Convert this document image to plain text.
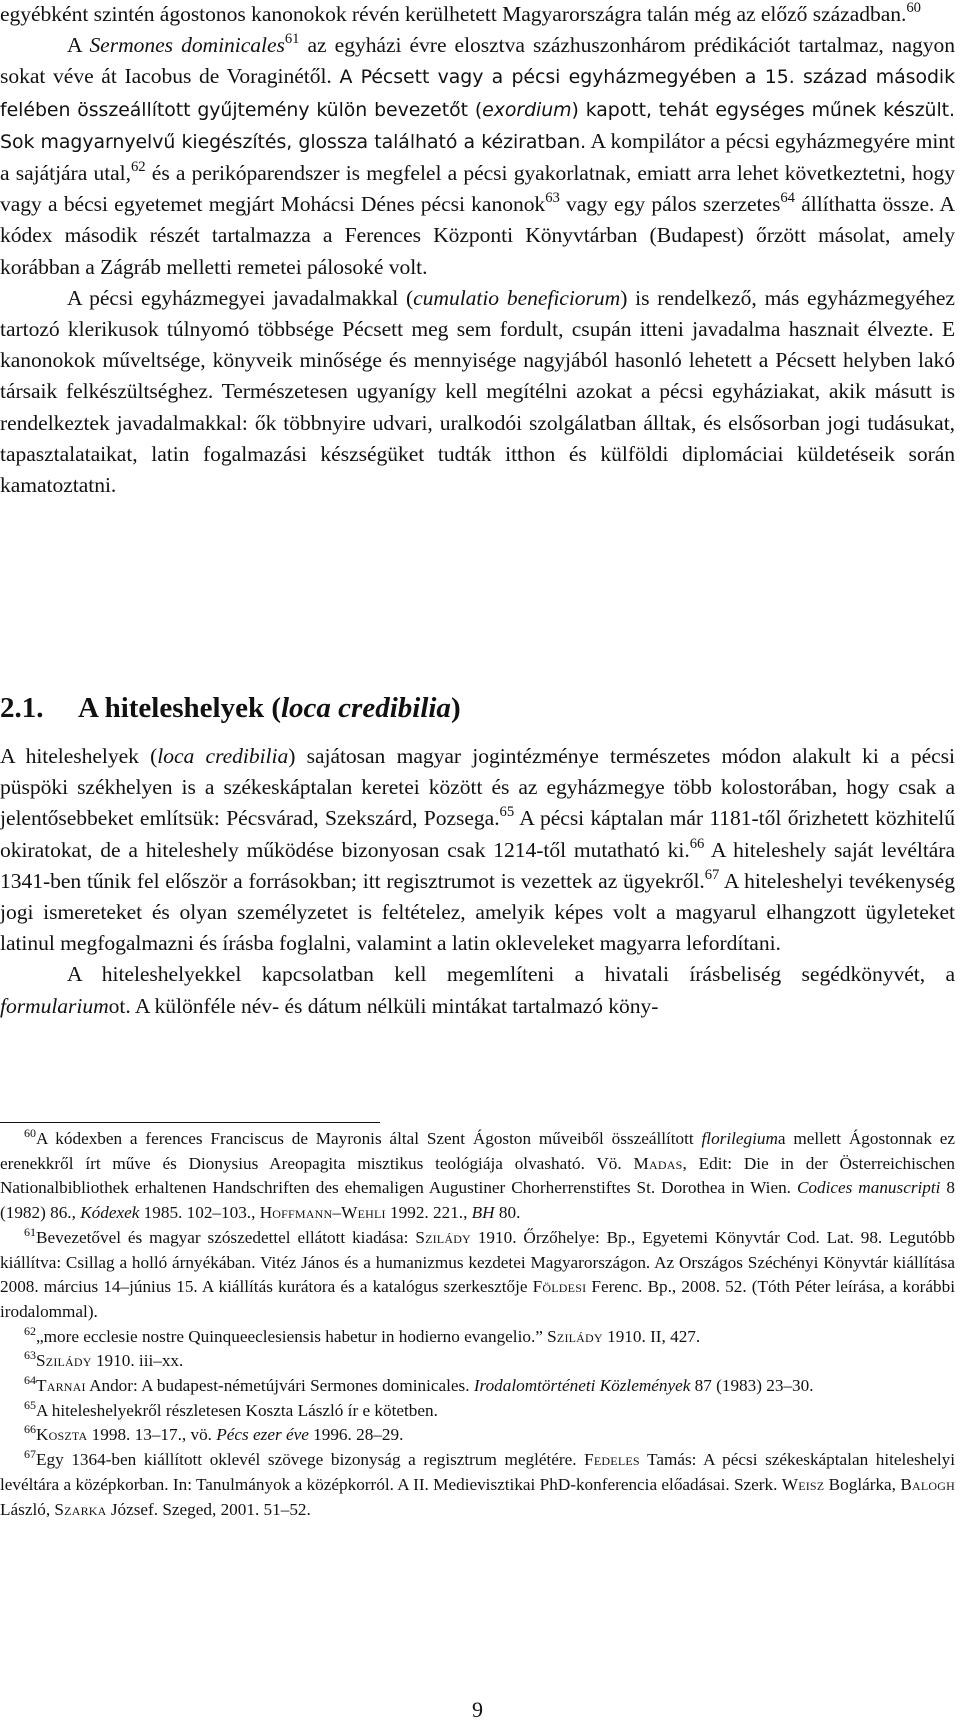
egyébként szintén ágostonos kanonokok révén kerülhetett Magyarországra talán még az előző században.$^{60}$

A Sermones dominicales$^{61}$ az egyházi évre elosztva százhuszonhárom prédikációt tartalmaz, nagyon sokat véve át Iacobus de Voraginétől. A Pécsett vagy a pécsi egyházmegyében a 15. század második felében összeállított gyűjtemény külön bevezetőt (exordium) kapott, tehát egységes műnek készült. Sok magyarnyelvű kiegészítés, glossza található a kéziratban. A kompilátor a pécsi egyházmegyére mint a sajátjára utal,$^{62}$ és a perikóparendszer is megfelel a pécsi gyakorlatnak, emiatt arra lehet következtetni, hogy vagy a bécsi egyetemet megjárt Mohácsi Dénes pécsi kanonok$^{63}$ vagy egy pálos szerzetes$^{64}$ állíthatta össze. A kódex második részét tartalmazza a Ferences Központi Könyvtárban (Budapest) őrzött másolat, amely korábban a Zágráb melletti remetei pálosoké volt.

A pécsi egyházmegyei javadalmakkal (cumulatio beneficiorum) is rendelkező, más egyházmegyéhez tartozó klerikusok túlnyomó többsége Pécsett meg sem fordult, csupán itteni javadalma hasznait élvezte. E kanonokok műveltsége, könyveik minősége és mennyisége nagyjából hasonló lehetett a Pécsett helyben lakó társaik felkészültséghez. Természetesen ugyanígy kell megítélni azokat a pécsi egyháziakat, akik másutt is rendelkeztek javadalmakkal: ők többnyire udvari, uralkodói szolgálatban álltak, és elsősorban jogi tudásukat, tapasztalataikat, latin fogalmazási készségüket tudták itthon és külföldi diplomáciai küldetéseik során kamatoztatni.

2.1. A hiteleshelyek (loca credibilia)

A hiteleshelyek (loca credibilia) sajátosan magyar jogintézménye természetes módon alakult ki a pécsi püspöki székhelyen is a székeskáptalan keretei között és az egyházmegye több kolostorában, hogy csak a jelentősebbeket említsük: Pécsvárad, Szekszárd, Pozsega.$^{65}$ A pécsi káptalan már 1181-től őrizhetett közhitelű okiratokat, de a hiteleshely működése bizonyosan csak 1214-től mutatható ki.$^{66}$ A hiteleshely saját levéltára 1341-ben tűnik fel először a forrásokban; itt regisztrumot is vezettek az ügyekről.$^{67}$ A hiteleshelyi tevékenység jogi ismereteket és olyan személyzetet is feltételez, amelyik képes volt a magyarul elhangzott ügyleteket latinul megfogalmazni és írásba foglalni, valamint a latin okleveleket magyarra lefordítani.

A hiteleshelyekkel kapcsolatban kell megemlíteni a hivatali írásbeliség segédkönyvét, a formulariumot. A különféle név- és dátum nélküli mintákat tartalmazó köny-

$^{60}$A kódexben a ferences Franciscus de Mayronis által Szent Ágoston műveiből összeállított florilegiuma mellett Ágostonnak ez erenekkről írt műve és Dionysius Areopagita misztikus teológiája olvasható. Vö. Madas, Edit: Die in der Österreichischen Nationalbibliothek erhaltenen Handschriften des ehemaligen Augustiner Chorherrenstiftes St. Dorothea in Wien. Codices manuscripti 8 (1982) 86., Kódexek 1985. 102–103., Hoffmann–Wehli 1992. 221., BH 80.

$^{61}$Bevezetővel és magyar szószedettel ellátott kiadása: Szilády 1910. Őrzőhelye: Bp., Egyetemi Könyvtár Cod. Lat. 98. Legutóbb kiállítva: Csillag a holló árnyékában. Vitéz János és a humanizmus kezdetei Magyarországon. Az Országos Széchényi Könyvtár kiállítása 2008. március 14–június 15. A kiállítás kurátora és a katalógus szerkesztője Földesi Ferenc. Bp., 2008. 52. (Tóth Péter leírása, a korábbi irodalommal).

$^{62}$„more ecclesie nostre Quinqueeclesiensis habetur in hodierno evangelio.” Szilády 1910. II, 427.

$^{63}$Szilády 1910. iii–xx.

$^{64}$Tarnai Andor: A budapest-németújvári Sermones dominicales. Irodalomtörténeti Közlemények 87 (1983) 23–30.

$^{65}$A hiteleshelyekről részletesen Koszta László ír e kötetben.

$^{66}$Koszta 1998. 13–17., vö. Pécs ezer éve 1996. 28–29.

$^{67}$Egy 1364-ben kiállított oklevél szövege bizonyság a regisztrum meglétére. Fedeles Tamás: A pécsi székeskáptalan hiteleshelyi levéltára a középkorban. In: Tanulmányok a középkorról. A II. Medievisztikai PhD-konferencia előadásai. Szerk. Weisz Boglárka, Balogh László, Szarka József. Szeged, 2001. 51–52.

9
